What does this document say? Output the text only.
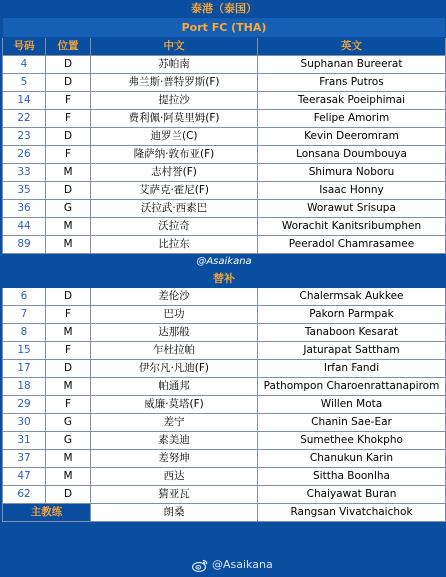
泰港（泰国）			
Port FC (THA)			
号码	位置	中文	英文
4	D	苏帕南	Suphanan Bureerat
5	D	弗兰斯·普特罗斯(F)	Frans Putros
14	F	提拉沙	Teerasak Poeiphimai
22	F	费利佩·阿莫里姆(F)	Felipe Amorim
23	D	迪罗兰(C)	Kevin Deeromram
26	F	隆萨纳·敦布亚(F)	Lonsana Doumbouya
33	M	志村誉(F)	Shimura Noboru
35	D	艾萨克·霍尼(F)	Isaac Honny
36	G	沃拉武·西素巴	Worawut Srisupa
44	M	沃拉奇	Worachit Kanitsribumphen
89	M	比拉东	Peeradol Chamrasamee
@Asaikana			
替补			
6	D	差伦沙	Chalermsak Aukkee
7	F	巴功	Pakorn Parmpak
8	M	达那般	Tanaboon Kesarat
15	F	乍杜拉帕	Jaturapat Sattham
17	D	伊尔凡·凡迪(F)	Irfan Fandi
18	M	帕通邦	Pathompon Charoenrattanapirom
29	F	威廉·莫塔(F)	Willen Mota
30	G	差宁	Chanin Sae-Ear
31	G	素美迪	Sumethee Khokpho
37	M	差努坤	Chanukun Karin
47	M	西达	Sittha Boonlha
62	D	猜亚瓦	Chaiyawat Buran
主教练		朗桑	Rangsan Vivatchaichok
@Asaikana
